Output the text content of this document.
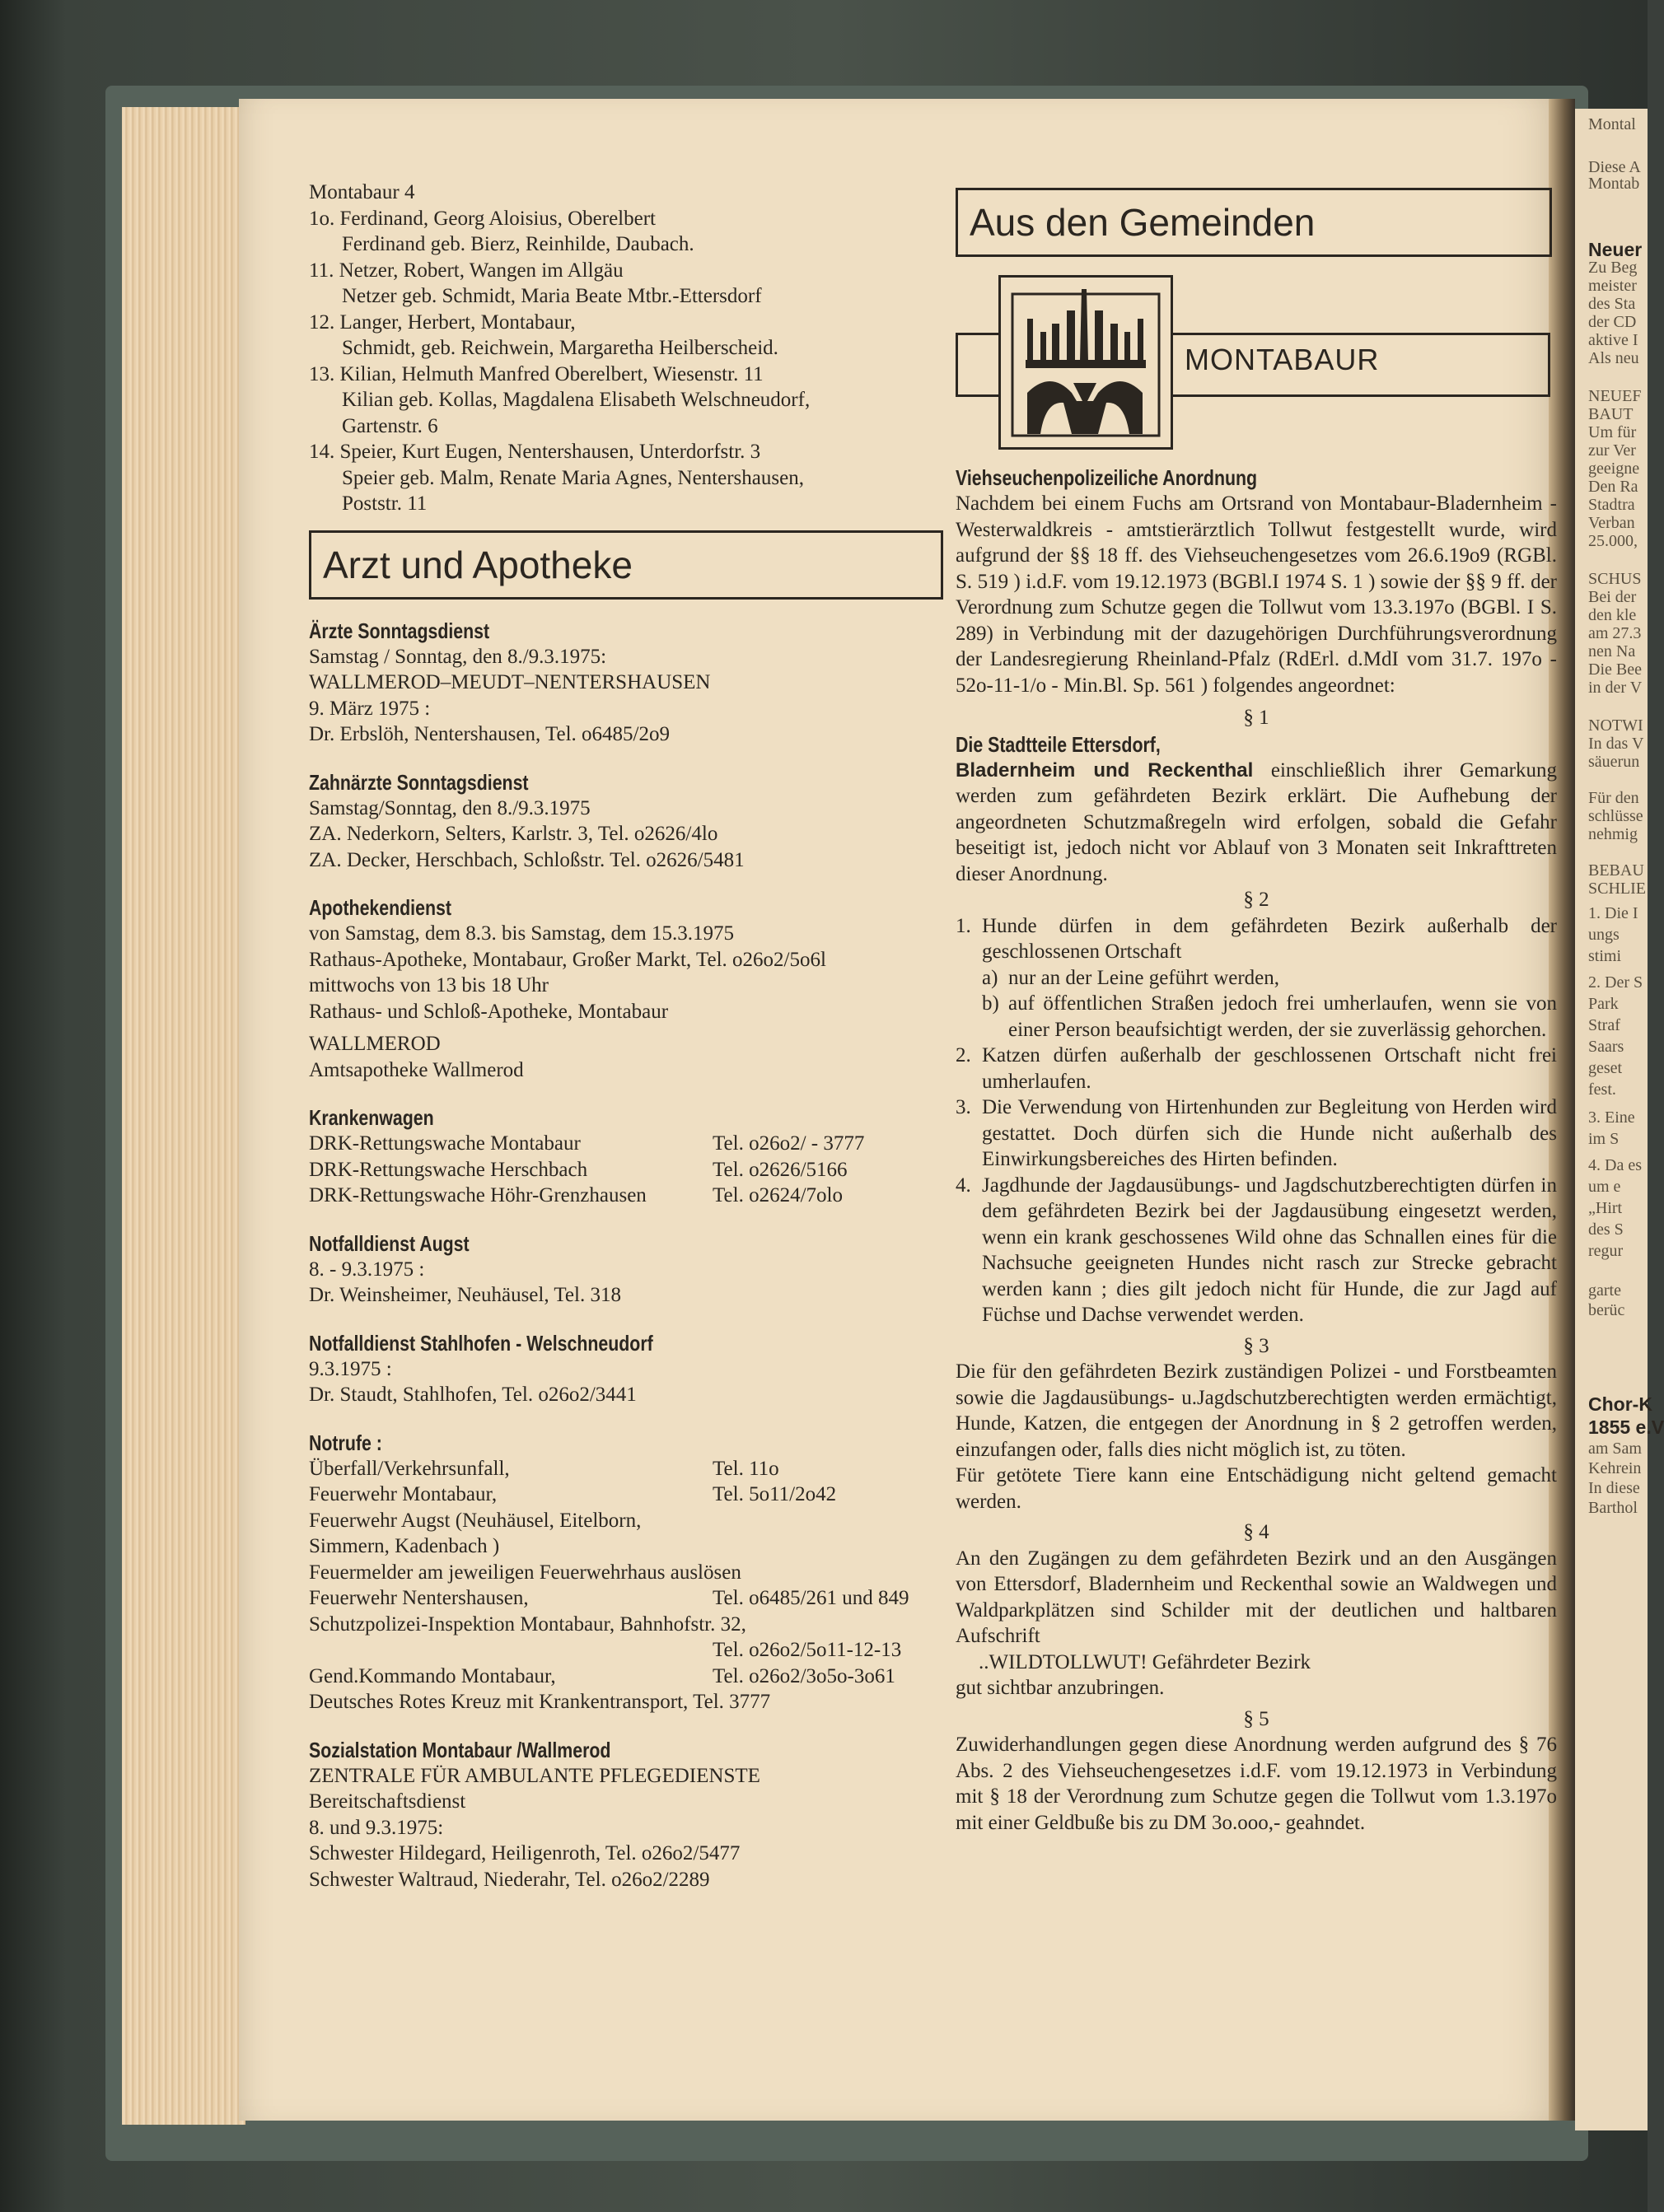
Montal
Diese A
Montab
Neuer
Zu Beg
meister
des Sta
der CD
aktive I
Als neu
NEUEF
BAUT
Um für
zur Ver
geeigne
Den Ra
Stadtra
Verban
25.000,
SCHUS
Bei der
den kle
am 27.3
nen Na
Die Bee
in der V
NOTWI
In das V
säuerun
Für den
schlüsse
nehmig
BEBAU
SCHLIE
1. Die I
ungs
stimi
2. Der S
Park
Straf
Saars
geset
fest.
3. Eine
im S
4. Da es
um e
„Hirt
des S
regur
garte
berüc
Chor-K
1855 e.V
am Sam
Kehrein
In diese
Barthol
Montabaur 4
1o. Ferdinand, Georg Aloisius, Oberelbert
Ferdinand geb. Bierz, Reinhilde, Daubach.
11. Netzer, Robert, Wangen im Allgäu
Netzer geb. Schmidt, Maria Beate Mtbr.-Ettersdorf
12. Langer, Herbert, Montabaur,
Schmidt, geb. Reichwein, Margaretha Heilberscheid.
13. Kilian, Helmuth Manfred Oberelbert, Wiesenstr. 11
Kilian geb. Kollas, Magdalena Elisabeth Welschneudorf,
Gartenstr. 6
14. Speier, Kurt Eugen, Nentershausen, Unterdorfstr. 3
Speier geb. Malm, Renate Maria Agnes, Nentershausen,
Poststr. 11
Arzt und Apotheke
Ärzte Sonntagsdienst
Samstag / Sonntag, den 8./9.3.1975:
WALLMEROD–MEUDT–NENTERSHAUSEN
9. März 1975 :
Dr. Erbslöh, Nentershausen, Tel. o6485/2o9
Zahnärzte Sonntagsdienst
Samstag/Sonntag, den 8./9.3.1975
ZA. Nederkorn, Selters, Karlstr. 3, Tel. o2626/4lo
ZA. Decker, Herschbach, Schloßstr. Tel. o2626/5481
Apothekendienst
von Samstag, dem 8.3. bis Samstag, dem 15.3.1975
Rathaus-Apotheke, Montabaur, Großer Markt, Tel. o26o2/5o6l
mittwochs von 13 bis 18 Uhr
Rathaus- und Schloß-Apotheke, Montabaur
WALLMEROD
Amtsapotheke Wallmerod
Krankenwagen
DRK-Rettungswache Montabaur	Tel. o26o2/ - 3777
DRK-Rettungswache Herschbach	Tel. o2626/5166
DRK-Rettungswache Höhr-Grenzhausen	Tel. o2624/7olo
Notfalldienst Augst
8. - 9.3.1975 :
Dr. Weinsheimer, Neuhäusel, Tel. 318
Notfalldienst Stahlhofen - Welschneudorf
9.3.1975 :
Dr. Staudt, Stahlhofen, Tel. o26o2/3441
Notrufe :
Überfall/Verkehrsunfall,	Tel. 11o
Feuerwehr Montabaur,	Tel. 5o11/2o42
Feuerwehr Augst (Neuhäusel, Eitelborn,
Simmern, Kadenbach )
Feuermelder am jeweiligen Feuerwehrhaus auslösen
Feuerwehr Nentershausen,	Tel. o6485/261 und 849
Schutzpolizei-Inspektion Montabaur, Bahnhofstr. 32,
Tel. o26o2/5o11-12-13
Gend.Kommando Montabaur,	Tel. o26o2/3o5o-3o61
Deutsches Rotes Kreuz mit Krankentransport, Tel. 3777
Sozialstation Montabaur /Wallmerod
ZENTRALE FÜR AMBULANTE PFLEGEDIENSTE
Bereitschaftsdienst
8. und 9.3.1975:
Schwester Hildegard, Heiligenroth, Tel. o26o2/5477
Schwester Waltraud, Niederahr, Tel. o26o2/2289
Aus den Gemeinden
MONTABAUR
Viehseuchenpolizeiliche Anordnung
Nachdem bei einem Fuchs am Ortsrand von Montabaur-Bladernheim - Westerwaldkreis - amtstierärztlich Tollwut festgestellt wurde, wird aufgrund der §§ 18 ff. des Viehseuchengesetzes vom 26.6.19o9 (RGBl. S. 519 ) i.d.F. vom 19.12.1973 (BGBl.I 1974 S. 1 ) sowie der §§ 9 ff. der Verordnung zum Schutze gegen die Tollwut vom 13.3.197o (BGBl. I S. 289) in Verbindung mit der dazugehörigen Durchführungsverordnung der Landesregierung Rheinland-Pfalz (RdErl. d.MdI vom 31.7. 197o - 52o-11-1/o - Min.Bl. Sp. 561 ) folgendes angeordnet:
§ 1
Die Stadtteile Ettersdorf,
Bladernheim und Reckenthal einschließlich ihrer Gemarkung werden zum gefährdeten Bezirk erklärt. Die Aufhebung der angeordneten Schutzmaßregeln wird erfolgen, sobald die Gefahr beseitigt ist, jedoch nicht vor Ablauf von 3 Monaten seit Inkrafttreten dieser Anordnung.
§ 2
1. Hunde dürfen in dem gefährdeten Bezirk außerhalb der geschlossenen Ortschaft
a) nur an der Leine geführt werden,
b) auf öffentlichen Straßen jedoch frei umherlaufen, wenn sie von einer Person beaufsichtigt werden, der sie zuverlässig gehorchen.
2. Katzen dürfen außerhalb der geschlossenen Ortschaft nicht frei umherlaufen.
3. Die Verwendung von Hirtenhunden zur Begleitung von Herden wird gestattet. Doch dürfen sich die Hunde nicht außerhalb des Einwirkungsbereiches des Hirten befinden.
4. Jagdhunde der Jagdausübungs- und Jagdschutzberechtigten dürfen in dem gefährdeten Bezirk bei der Jagdausübung eingesetzt werden, wenn ein krank geschossenes Wild ohne das Schnallen eines für die Nachsuche geeigneten Hundes nicht rasch zur Strecke gebracht werden kann ; dies gilt jedoch nicht für Hunde, die zur Jagd auf Füchse und Dachse verwendet werden.
§ 3
Die für den gefährdeten Bezirk zuständigen Polizei - und Forstbeamten sowie die Jagdausübungs- u.Jagdschutzberechtigten werden ermächtigt, Hunde, Katzen, die entgegen der Anordnung in § 2 getroffen werden, einzufangen oder, falls dies nicht möglich ist, zu töten.
Für getötete Tiere kann eine Entschädigung nicht geltend gemacht werden.
§ 4
An den Zugängen zu dem gefährdeten Bezirk und an den Ausgängen von Ettersdorf, Bladernheim und Reckenthal sowie an Waldwegen und Waldparkplätzen sind Schilder mit der deutlichen und haltbaren Aufschrift
..WILDTOLLWUT! Gefährdeter Bezirk
gut sichtbar anzubringen.
§ 5
Zuwiderhandlungen gegen diese Anordnung werden aufgrund des § 76 Abs. 2 des Viehseuchengesetzes i.d.F. vom 19.12.1973 in Verbindung mit § 18 der Verordnung zum Schutze gegen die Tollwut vom 1.3.197o mit einer Geldbuße bis zu DM 3o.ooo,- geahndet.
